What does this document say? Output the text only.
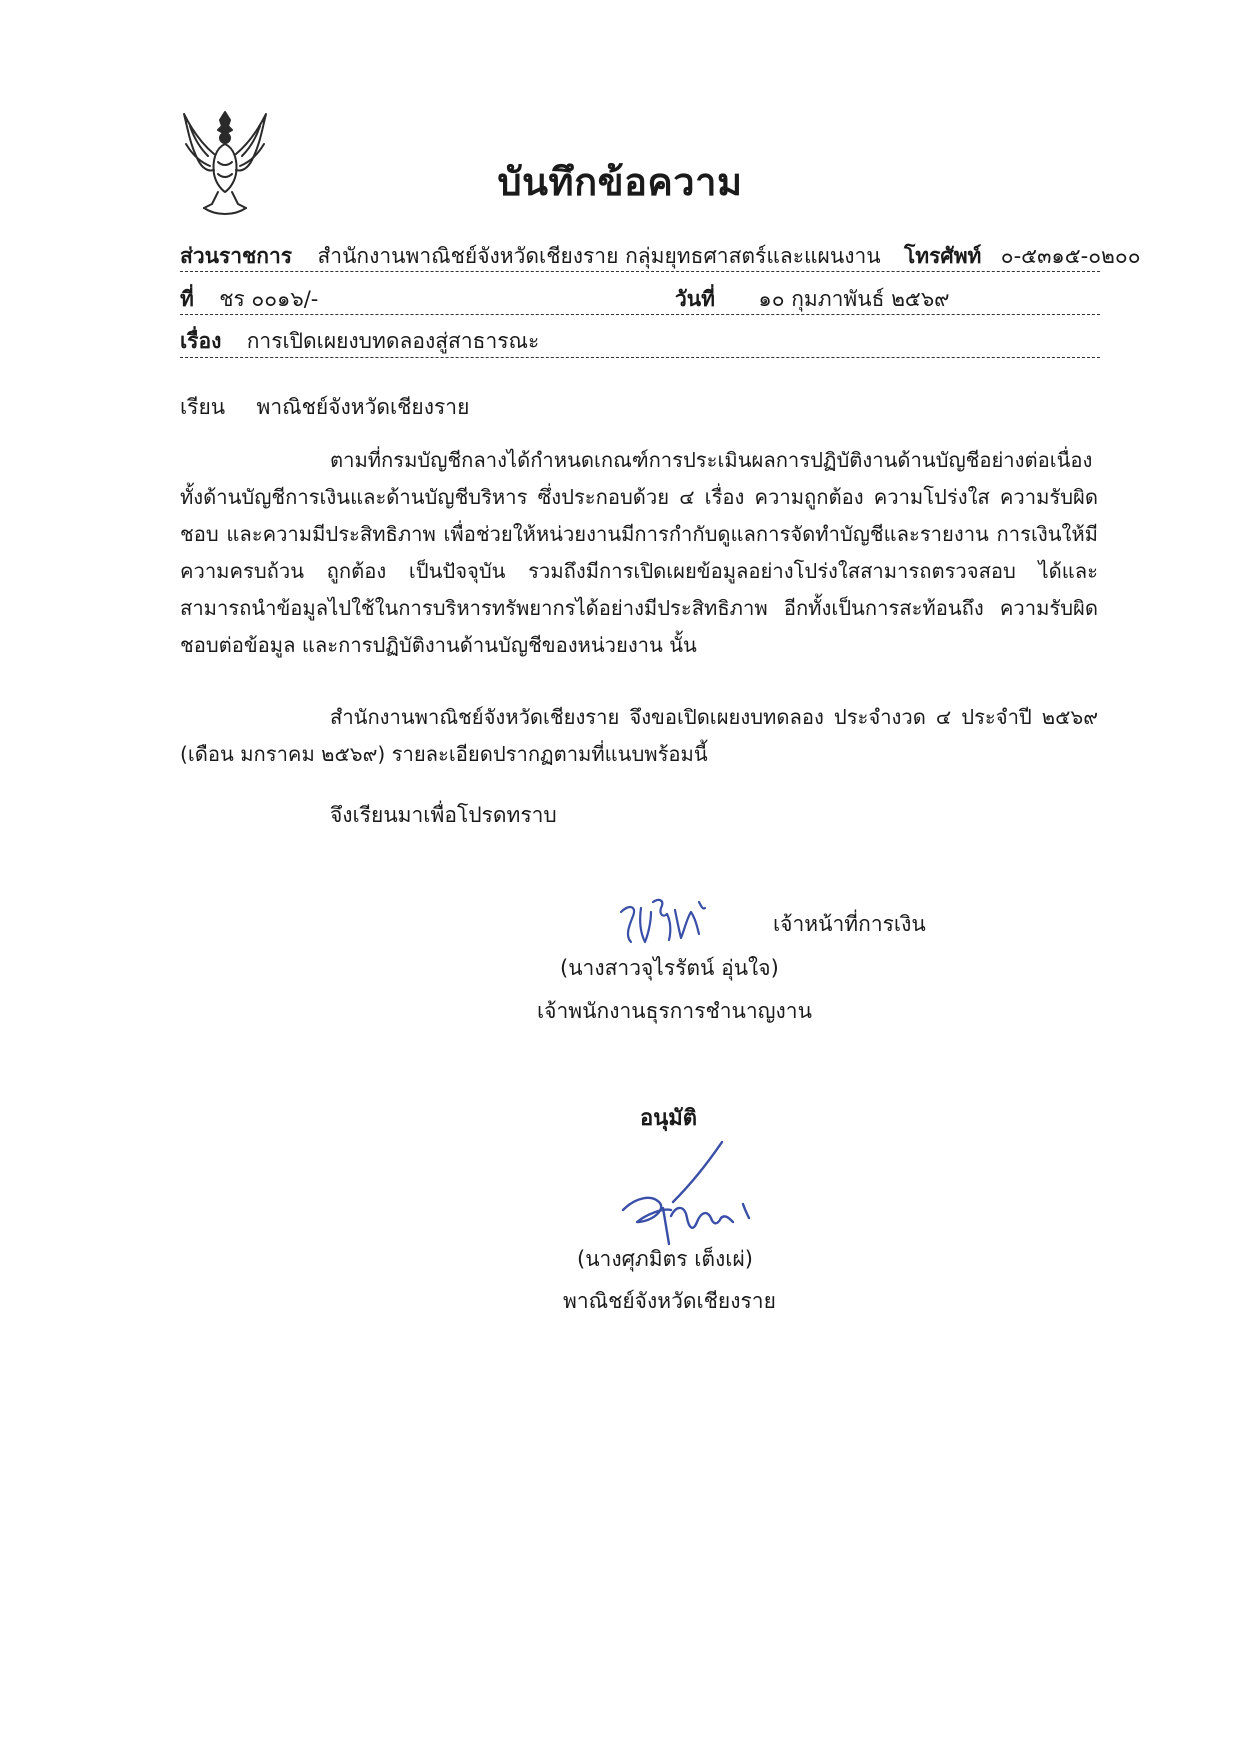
บันทึกข้อความ
ส่วนราชการ สำนักงานพาณิชย์จังหวัดเชียงราย กลุ่มยุทธศาสตร์และแผนงาน โทรศัพท์ ๐-๕๓๑๕-๐๒๐๐
ที่ ชร ๐๐๑๖/-	วันที่ ๑๐ กุมภาพันธ์ ๒๕๖๙
เรื่อง การเปิดเผยงบทดลองสู่สาธารณะ
เรียน พาณิชย์จังหวัดเชียงราย
ตามที่กรมบัญชีกลางได้กำหนดเกณฑ์การประเมินผลการปฏิบัติงานด้านบัญชีอย่างต่อเนื่อง ทั้งด้านบัญชีการเงินและด้านบัญชีบริหาร ซึ่งประกอบด้วย ๔ เรื่อง ความถูกต้อง ความโปร่งใส ความรับผิดชอบ และความมีประสิทธิภาพ เพื่อช่วยให้หน่วยงานมีการกำกับดูแลการจัดทำบัญชีและรายงาน การเงินให้มีความครบถ้วน ถูกต้อง เป็นปัจจุบัน รวมถึงมีการเปิดเผยข้อมูลอย่างโปร่งใสสามารถตรวจสอบ ได้และสามารถนำข้อมูลไปใช้ในการบริหารทรัพยากรได้อย่างมีประสิทธิภาพ อีกทั้งเป็นการสะท้อนถึง ความรับผิดชอบต่อข้อมูล และการปฏิบัติงานด้านบัญชีของหน่วยงาน นั้น
สำนักงานพาณิชย์จังหวัดเชียงราย จึงขอเปิดเผยงบทดลอง ประจำงวด ๔ ประจำปี ๒๕๖๙ (เดือน มกราคม ๒๕๖๙) รายละเอียดปรากฏตามที่แนบพร้อมนี้
จึงเรียนมาเพื่อโปรดทราบ
เจ้าหน้าที่การเงิน
(นางสาวจุไรรัตน์ อุ่นใจ)
เจ้าพนักงานธุรการชำนาญงาน
อนุมัติ
(นางศุภมิตร เต็งเผ่)
พาณิชย์จังหวัดเชียงราย
